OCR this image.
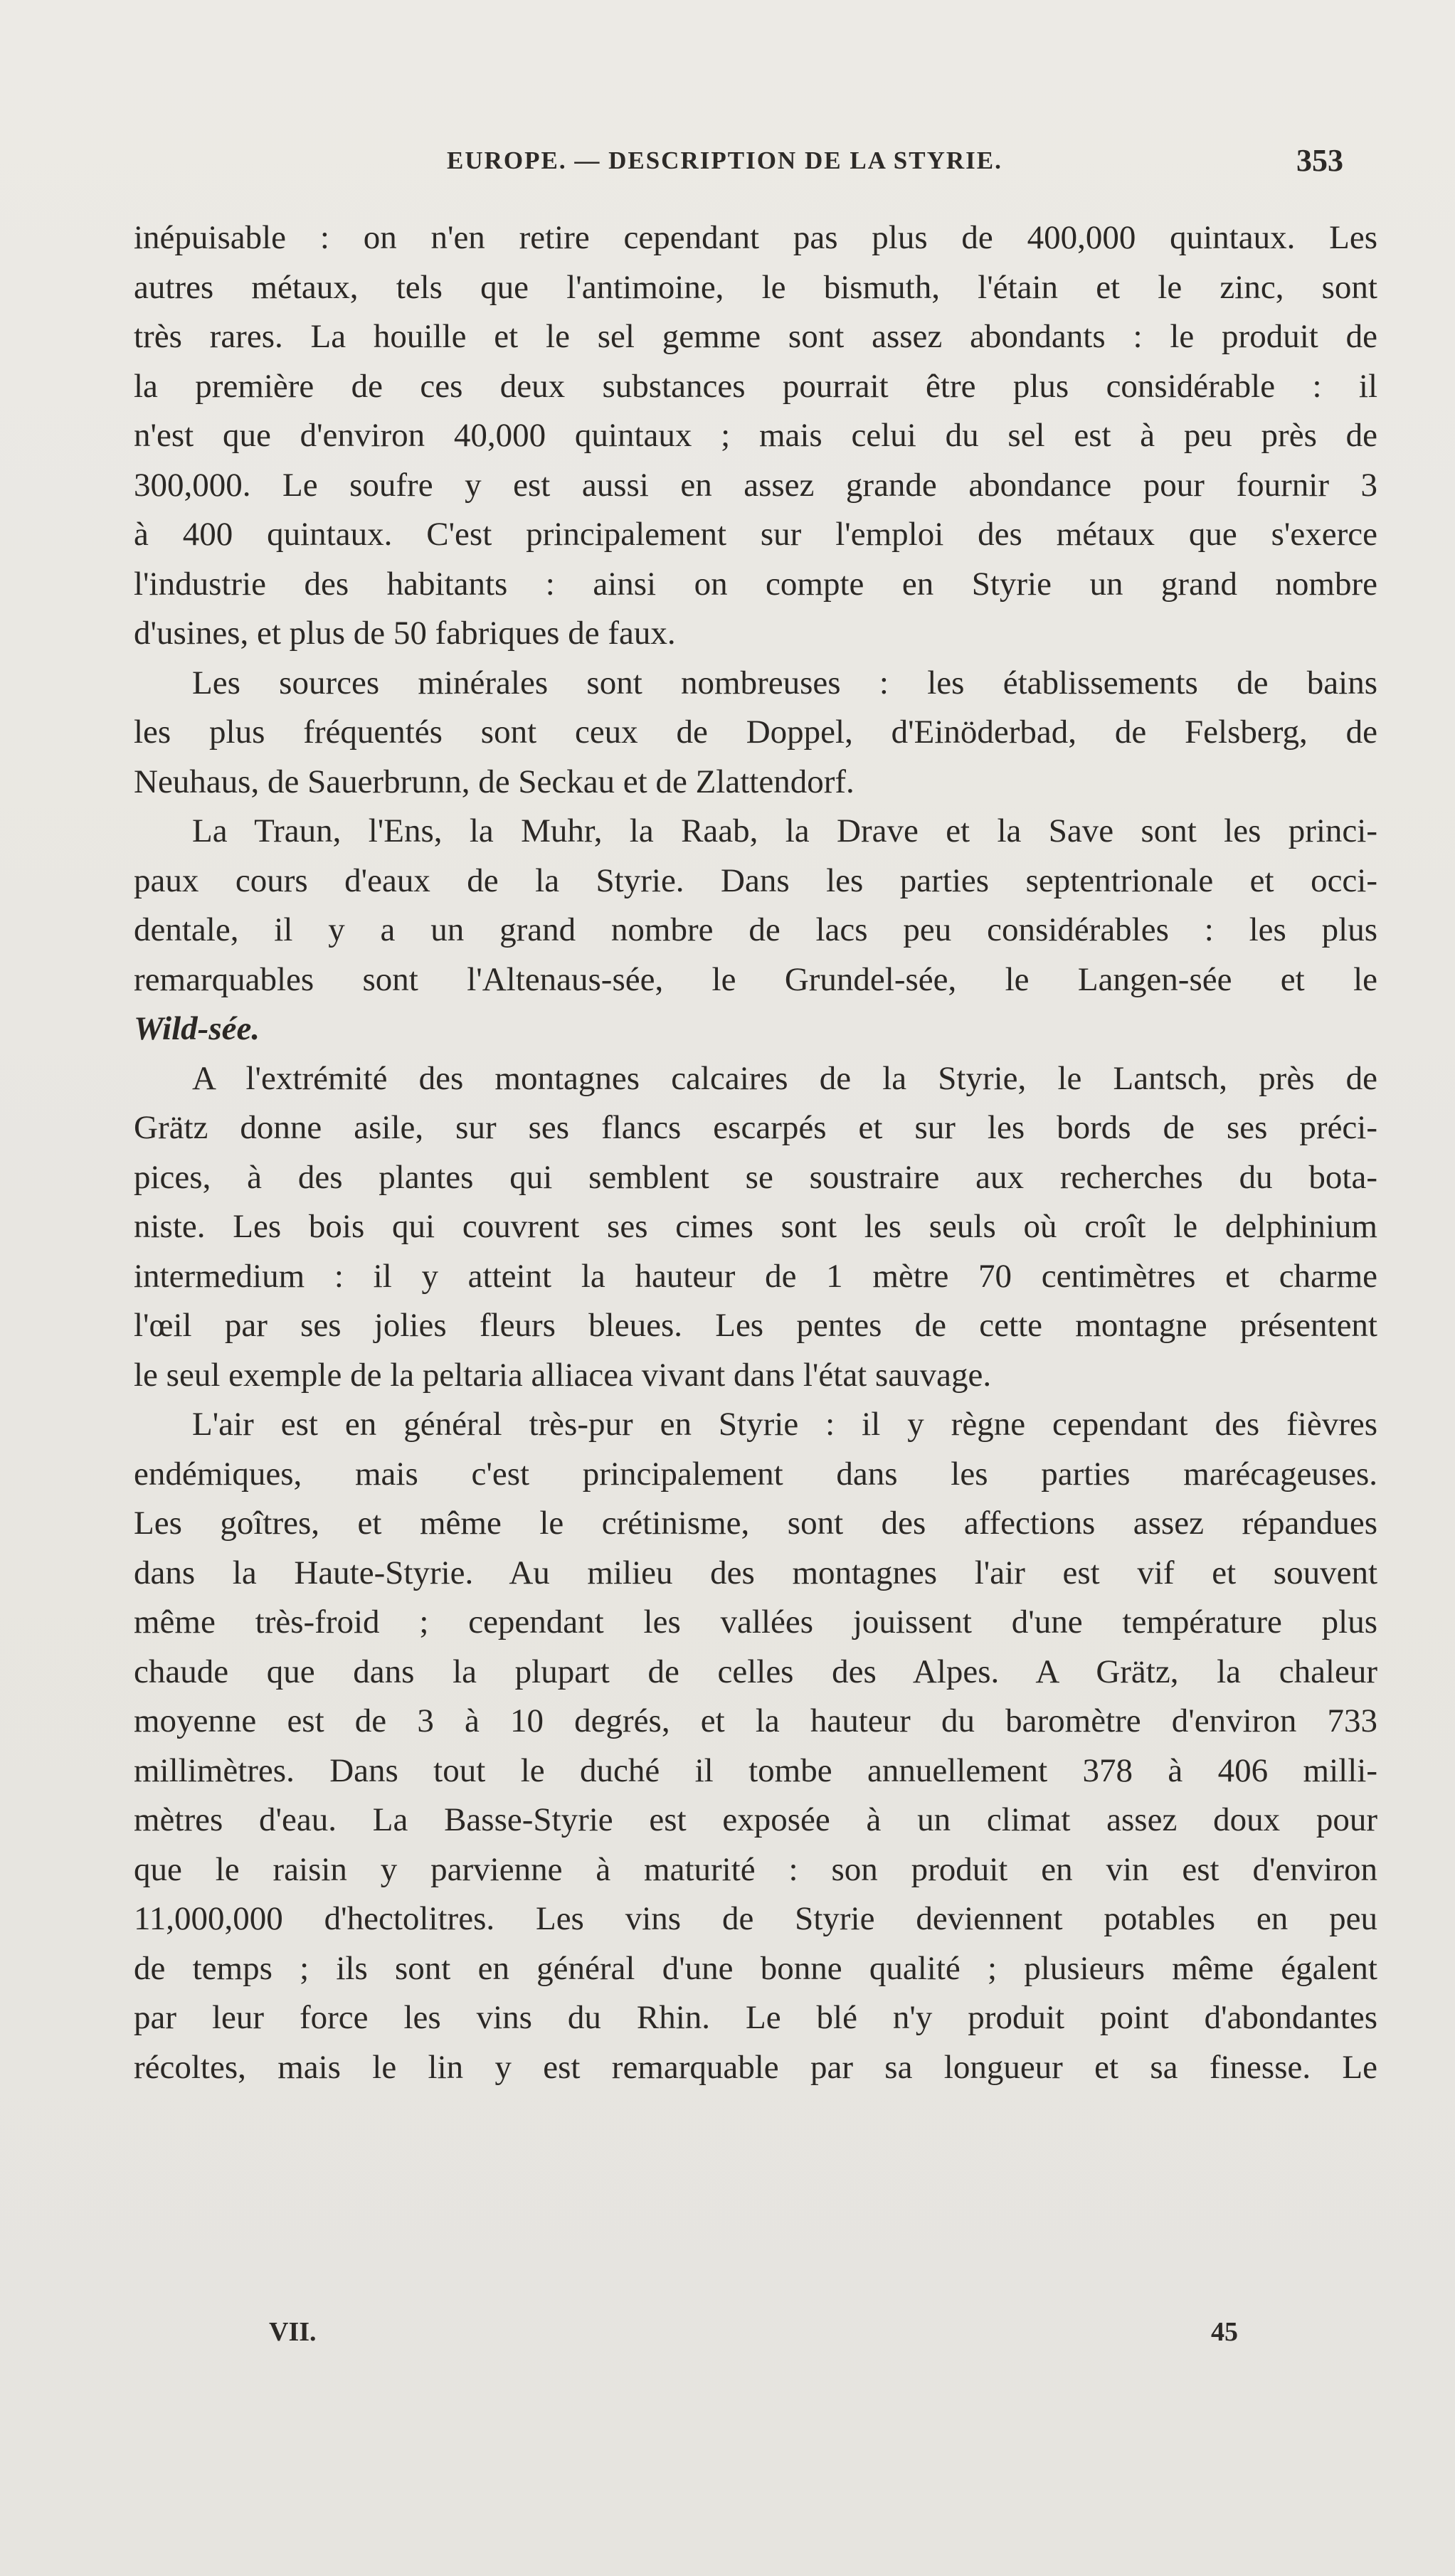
EUROPE. — DESCRIPTION DE LA STYRIE.	353
inépuisable : on n'en retire cependant pas plus de 400,000 quintaux. Les
autres métaux, tels que l'antimoine, le bismuth, l'étain et le zinc, sont
très rares. La houille et le sel gemme sont assez abondants : le produit de
la première de ces deux substances pourrait être plus considérable : il
n'est que d'environ 40,000 quintaux ; mais celui du sel est à peu près de
300,000. Le soufre y est aussi en assez grande abondance pour fournir 3
à 400 quintaux. C'est principalement sur l'emploi des métaux que s'exerce
l'industrie des habitants : ainsi on compte en Styrie un grand nombre
d'usines, et plus de 50 fabriques de faux.
Les sources minérales sont nombreuses : les établissements de bains
les plus fréquentés sont ceux de Doppel, d'Einöderbad, de Felsberg, de
Neuhaus, de Sauerbrunn, de Seckau et de Zlattendorf.
La Traun, l'Ens, la Muhr, la Raab, la Drave et la Save sont les princi-
paux cours d'eaux de la Styrie. Dans les parties septentrionale et occi-
dentale, il y a un grand nombre de lacs peu considérables : les plus
remarquables sont l'Altenaus-sée, le Grundel-sée, le Langen-sée et le
Wild-sée.
A l'extrémité des montagnes calcaires de la Styrie, le Lantsch, près de
Grätz donne asile, sur ses flancs escarpés et sur les bords de ses préci-
pices, à des plantes qui semblent se soustraire aux recherches du bota-
niste. Les bois qui couvrent ses cimes sont les seuls où croît le delphinium
intermedium : il y atteint la hauteur de 1 mètre 70 centimètres et charme
l'œil par ses jolies fleurs bleues. Les pentes de cette montagne présentent
le seul exemple de la peltaria alliacea vivant dans l'état sauvage.
L'air est en général très-pur en Styrie : il y règne cependant des fièvres
endémiques, mais c'est principalement dans les parties marécageuses.
Les goîtres, et même le crétinisme, sont des affections assez répandues
dans la Haute-Styrie. Au milieu des montagnes l'air est vif et souvent
même très-froid ; cependant les vallées jouissent d'une température plus
chaude que dans la plupart de celles des Alpes. A Grätz, la chaleur
moyenne est de 3 à 10 degrés, et la hauteur du baromètre d'environ 733
millimètres. Dans tout le duché il tombe annuellement 378 à 406 milli-
mètres d'eau. La Basse-Styrie est exposée à un climat assez doux pour
que le raisin y parvienne à maturité : son produit en vin est d'environ
11,000,000 d'hectolitres. Les vins de Styrie deviennent potables en peu
de temps ; ils sont en général d'une bonne qualité ; plusieurs même égalent
par leur force les vins du Rhin. Le blé n'y produit point d'abondantes
récoltes, mais le lin y est remarquable par sa longueur et sa finesse. Le
VII.	45
